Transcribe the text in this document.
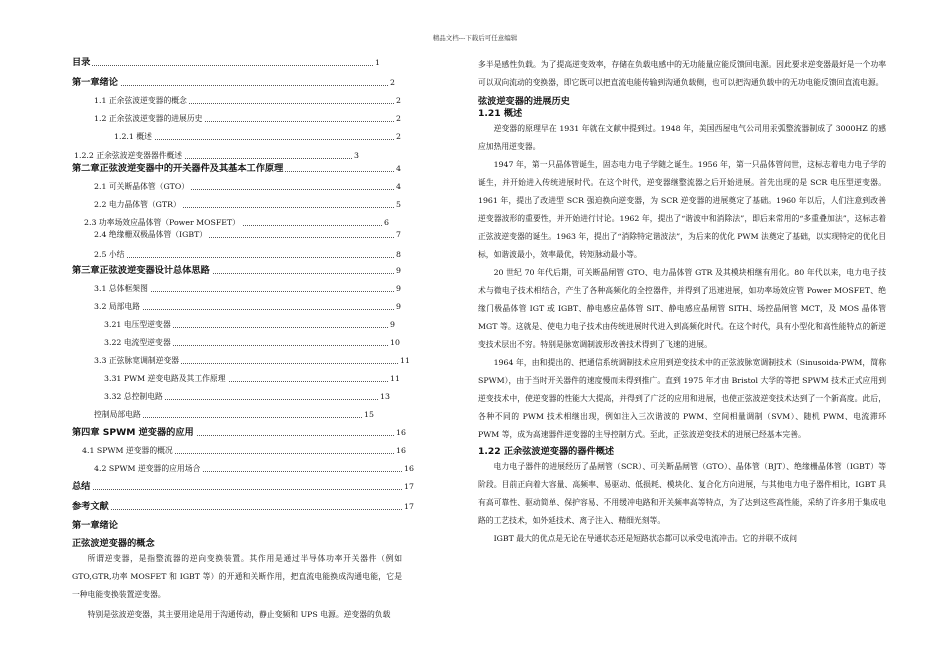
精品文档---下载后可任意编辑
目录	1
第一章绪论	2
1.1 正余弦波逆变器的概念	2
1.2 正余弦波逆变器的进展历史	2
1.2.1 概述	2
1.2.2 正余弦波逆变器器件概述	3
第二章正弦波逆变器中的开关器件及其基本工作原理	4
2.1 可关断晶体管（GTO）	4
2.2 电力晶体管（GTR）	5
2.3 功率场效应晶体管（Power MOSFET）	6
2.4 绝缘栅双极晶体管（IGBT）	7
2.5 小结	8
第三章正弦波逆变器设计总体思路	9
3.1 总体框架图	9
3.2 局部电路	9
3.21 电压型逆变器	9
3.22 电流型逆变器	10
3.3 正弦脉宽调制逆变器	11
3.31 PWM 逆变电路及其工作原理	11
3.32 总控制电路	13
控制局部电路	15
第四章 SPWM 逆变器的应用	16
4.1 SPWM 逆变器的概况	16
4.2 SPWM 逆变器的应用场合	16
总结	17
参考文献	17

第一章绪论

正弦波逆变器的概念

所谓逆变器，是指整流器的逆向变换装置。其作用是通过半导体功率开关器件（例如 GTO,GTR,功率 MOSFET 和 IGBT 等）的开通和关断作用，把直流电能换成沟通电能，它是一种电能变换装置逆变器。

特别是弦波逆变器，其主要用途是用于沟通传动，静止变频和 UPS 电源。逆变器的负载

多半是感性负载。为了提高逆变效率，存储在负载电感中的无功能量应能反馈回电源。因此要求逆变器最好是一个功率可以双向流动的变换器，即它既可以把直流电能传输到沟通负载侧，也可以把沟通负载中的无功电能反馈回直流电源。

弦波逆变器的进展历史

1.21 概述

逆变器的原理早在 1931 年就在文献中提到过。1948 年，美国西屋电气公司用汞弧整流器制成了 3000HZ 的感应加热用逆变器。

1947 年，第一只晶体管诞生，固态电力电子学随之诞生。1956 年，第一只晶体管问世，这标志着电力电子学的诞生，并开始进入传统进展时代。在这个时代，逆变器继整流器之后开始进展。首先出现的是 SCR 电压型逆变器。1961 年，提出了改进型 SCR 强迫换向逆变器，为 SCR 逆变器的进展奠定了基础。1960 年以后，人们注意到改善逆变器波形的重要性，并开始进行讨论。1962 年，提出了“谐波中和消除法”，即后来常用的“多重叠加法”，这标志着正弦波逆变器的诞生。1963 年，提出了“消除特定谐波法”，为后来的优化 PWM 法奠定了基础，以实现特定的优化目标，如谐波最小，效率最优，转矩脉动最小等。

20 世纪 70 年代后期，可关断晶闸管 GTO、电力晶体管 GTR 及其模块相继有用化。80 年代以来，电力电子技术与微电子技术相结合，产生了各种高频化的全控器件，并得到了迅速进展，如功率场效应管 Power MOSFET、绝缘门极晶体管 IGT 或 IGBT、静电感应晶体管 SIT、静电感应晶闸管 SITH、场控晶闸管 MCT，及 MOS 晶体管 MGT 等。这就是、使电力电子技术由传统进展时代进入到高频化时代。在这个时代，具有小型化和高性能特点的新逆变技术层出不穷。特别是脉宽调制波形改善技术得到了飞速的进展。

1964 年，由和提出的、把通信系统调制技术应用到逆变技术中的正弦波脉宽调制技术（Sinusoida-PWM，简称 SPWM），由于当时开关器件的速度慢而未得到推广。直到 1975 年才由 Bristol 大学的等把 SPWM 技术正式应用到逆变技术中，使逆变器的性能大大提高，并得到了广泛的应用和进展，也使正弦波逆变技术达到了一个新高度。此后，各种不同的 PWM 技术相继出现，例如注入三次谐波的 PWM、空间相量调制（SVM）、随机 PWM、电流滞环 PWM 等，成为高速器件逆变器的主导控制方式。至此，正弦波逆变技术的进展已经基本完善。

1.22 正余弦波逆变器的器件概述

电力电子器件的进展经历了晶闸管（SCR）、可关断晶闸管（GTO）、晶体管（BJT）、绝缘栅晶体管（IGBT）等阶段。目前正向着大容量、高频率、易驱动、低损耗、模块化、复合化方向进展，与其他电力电子器件相比，IGBT 具有高可靠性、驱动简单、保护容易、不用缓冲电路和开关频率高等特点，为了达到这些高性能，采纳了许多用于集成电路的工艺技术，如外延技术、离子注入、精细光刻等。

IGBT 最大的优点是无论在导通状态还是短路状态都可以承受电流冲击。它的并联不成问
